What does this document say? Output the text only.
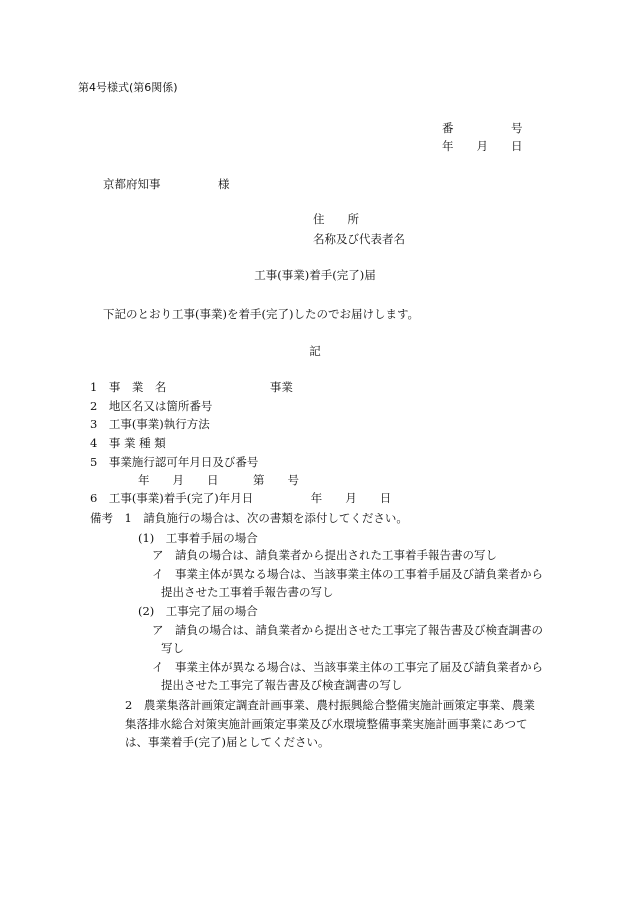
第4号様式(第6関係)
番　　　　　号
年　　月　　日
京都府知事　　　　　様
住　　所
名称及び代表者名
工事(事業)着手(完了)届
下記のとおり工事(事業)を着手(完了)したのでお届けします。
記
1　事　業　名　　　　　　　　　事業
2　地区名又は箇所番号
3　工事(事業)執行方法
4　事 業 種 類
5　事業施行認可年月日及び番号
年　　月　　日　　　第　　号
6　工事(事業)着手(完了)年月日　　　　　年　　月　　日
備考　1　請負施行の場合は、次の書類を添付してください。
(1)　工事着手届の場合
ア　請負の場合は、請負業者から提出された工事着手報告書の写し
イ　事業主体が異なる場合は、当該事業主体の工事着手届及び請負業者から
提出させた工事着手報告書の写し
(2)　工事完了届の場合
ア　請負の場合は、請負業者から提出させた工事完了報告書及び検査調書の
写し
イ　事業主体が異なる場合は、当該事業主体の工事完了届及び請負業者から
提出させた工事完了報告書及び検査調書の写し
2　農業集落計画策定調査計画事業、農村振興総合整備実施計画策定事業、農業
集落排水総合対策実施計画策定事業及び水環境整備事業実施計画事業にあつて
は、事業着手(完了)届としてください。
